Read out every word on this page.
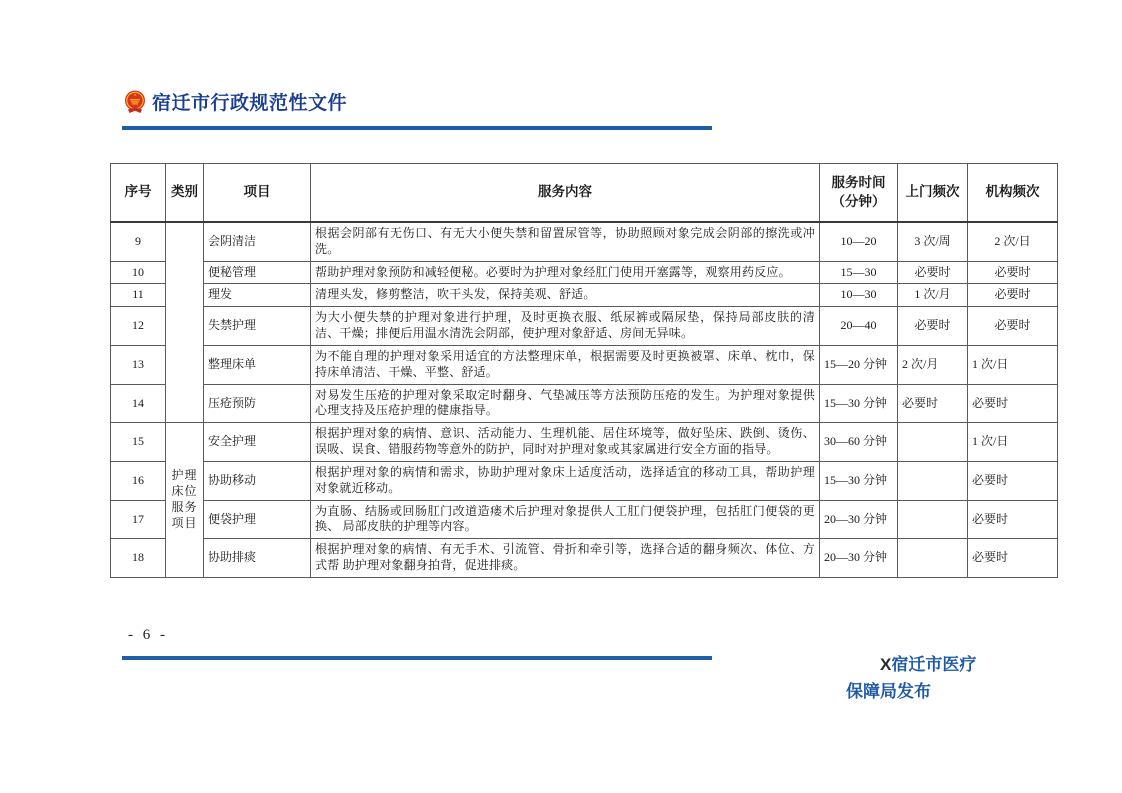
宿迁市行政规范性文件
序号	类别	项目	服务内容	服务时间
（分钟）	上门频次	机构频次
9		会阴清洁	根据会阴部有无伤口、有无大小便失禁和留置尿管等，协助照顾对象完成会阴部的擦洗或冲洗。	10—20	3 次/周	2 次/日
10		便秘管理	帮助护理对象预防和减轻便秘。必要时为护理对象经肛门使用开塞露等，观察用药反应。	15—30	必要时	必要时
11		理发	清理头发，修剪整洁，吹干头发，保持美观、舒适。	10—30	1 次/月	必要时
12		失禁护理	为大小便失禁的护理对象进行护理，及时更换衣服、纸尿裤或隔尿垫，保持局部皮肤的清洁、干燥；排便后用温水清洗会阴部，使护理对象舒适、房间无异味。	20—40	必要时	必要时
13		整理床单	为不能自理的护理对象采用适宜的方法整理床单，根据需要及时更换被罩、床单、枕巾，保持床单清洁、干燥、平整、舒适。	15—20 分钟	2 次/月	1 次/日
14		压疮预防	对易发生压疮的护理对象采取定时翻身、气垫减压等方法预防压疮的发生。为护理对象提供心理支持及压疮护理的健康指导。	15—30 分钟	必要时	必要时
15	护理床位服务项目	安全护理	根据护理对象的病情、意识、活动能力、生理机能、居住环境等，做好坠床、跌倒、烫伤、误吸、误食、错服药物等意外的防护，同时对护理对象或其家属进行安全方面的指导。	30—60 分钟		1 次/日
16		协助移动	根据护理对象的病情和需求，协助护理对象床上适度活动，选择适宜的移动工具，帮助护理对象就近移动。	15—30 分钟		必要时
17		便袋护理	为直肠、结肠或回肠肛门改道造瘘术后护理对象提供人工肛门便袋护理，包括肛门便袋的更换、 局部皮肤的护理等内容。	20—30 分钟		必要时
18		协助排痰	根据护理对象的病情、有无手术、引流管、骨折和牵引等，选择合适的翻身频次、体位、方式帮 助护理对象翻身拍背，促进排痰。	20—30 分钟		必要时
- 6 -
X宿迁市医疗
保障局发布
